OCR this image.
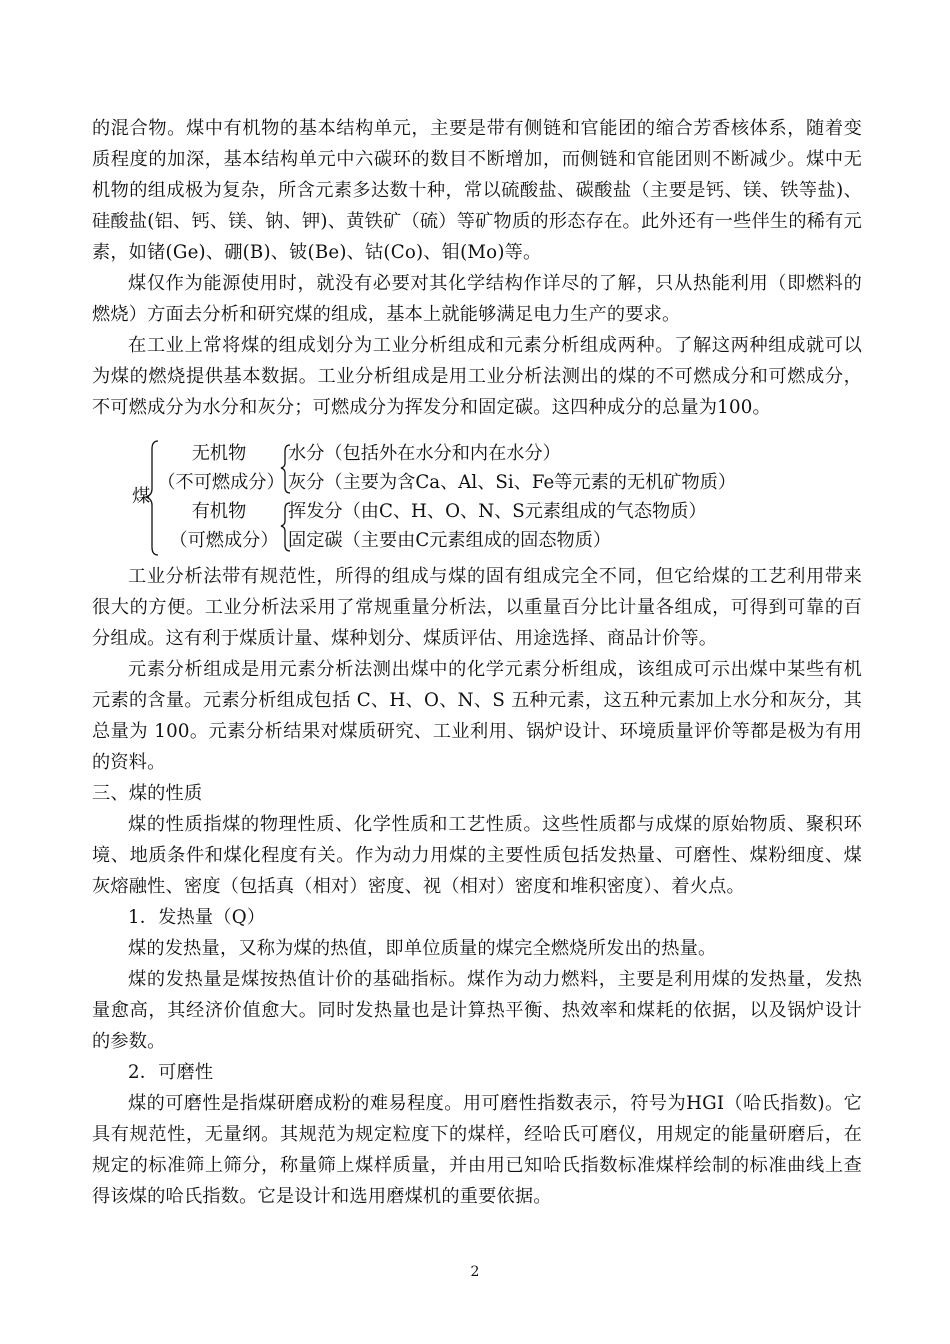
的混合物。煤中有机物的基本结构单元，主要是带有侧链和官能团的缩合芳香核体系，随着变质程度的加深，基本结构单元中六碳环的数目不断增加，而侧链和官能团则不断减少。煤中无机物的组成极为复杂，所含元素多达数十种，常以硫酸盐、碳酸盐（主要是钙、镁、铁等盐)、硅酸盐(铝、钙、镁、钠、钾)、黄铁矿（硫）等矿物质的形态存在。此外还有一些伴生的稀有元素，如锗(Ge)、硼(B)、铍(Be)、钴(Co)、钼(Mo)等。

煤仅作为能源使用时，就没有必要对其化学结构作详尽的了解，只从热能利用（即燃料的燃烧）方面去分析和研究煤的组成，基本上就能够满足电力生产的要求。

在工业上常将煤的组成划分为工业分析组成和元素分析组成两种。了解这两种组成就可以为煤的燃烧提供基本数据。工业分析组成是用工业分析法测出的煤的不可燃成分和可燃成分，不可燃成分为水分和灰分；可燃成分为挥发分和固定碳。这四种成分的总量为100。

煤
无机物
（不可燃成分）
有机物
（可燃成分）
水分（包括外在水分和内在水分）
灰分（主要为含Ca、Al、Si、Fe等元素的无机矿物质）
挥发分（由C、H、O、N、S元素组成的气态物质）
固定碳（主要由C元素组成的固态物质）

工业分析法带有规范性，所得的组成与煤的固有组成完全不同，但它给煤的工艺利用带来很大的方便。工业分析法采用了常规重量分析法，以重量百分比计量各组成，可得到可靠的百分组成。这有利于煤质计量、煤种划分、煤质评估、用途选择、商品计价等。

元素分析组成是用元素分析法测出煤中的化学元素分析组成，该组成可示出煤中某些有机元素的含量。元素分析组成包括 C、H、O、N、S 五种元素，这五种元素加上水分和灰分，其总量为 100。元素分析结果对煤质研究、工业利用、锅炉设计、环境质量评价等都是极为有用的资料。

三、煤的性质

煤的性质指煤的物理性质、化学性质和工艺性质。这些性质都与成煤的原始物质、聚积环境、地质条件和煤化程度有关。作为动力用煤的主要性质包括发热量、可磨性、煤粉细度、煤灰熔融性、密度（包括真（相对）密度、视（相对）密度和堆积密度）、着火点。

1．发热量（Q）

煤的发热量，又称为煤的热值，即单位质量的煤完全燃烧所发出的热量。

煤的发热量是煤按热值计价的基础指标。煤作为动力燃料，主要是利用煤的发热量，发热量愈高，其经济价值愈大。同时发热量也是计算热平衡、热效率和煤耗的依据，以及锅炉设计的参数。

2．可磨性

煤的可磨性是指煤研磨成粉的难易程度。用可磨性指数表示，符号为HGI（哈氏指数)。它具有规范性，无量纲。其规范为规定粒度下的煤样，经哈氏可磨仪，用规定的能量研磨后，在规定的标准筛上筛分，称量筛上煤样质量，并由用已知哈氏指数标准煤样绘制的标准曲线上查得该煤的哈氏指数。它是设计和选用磨煤机的重要依据。

2
